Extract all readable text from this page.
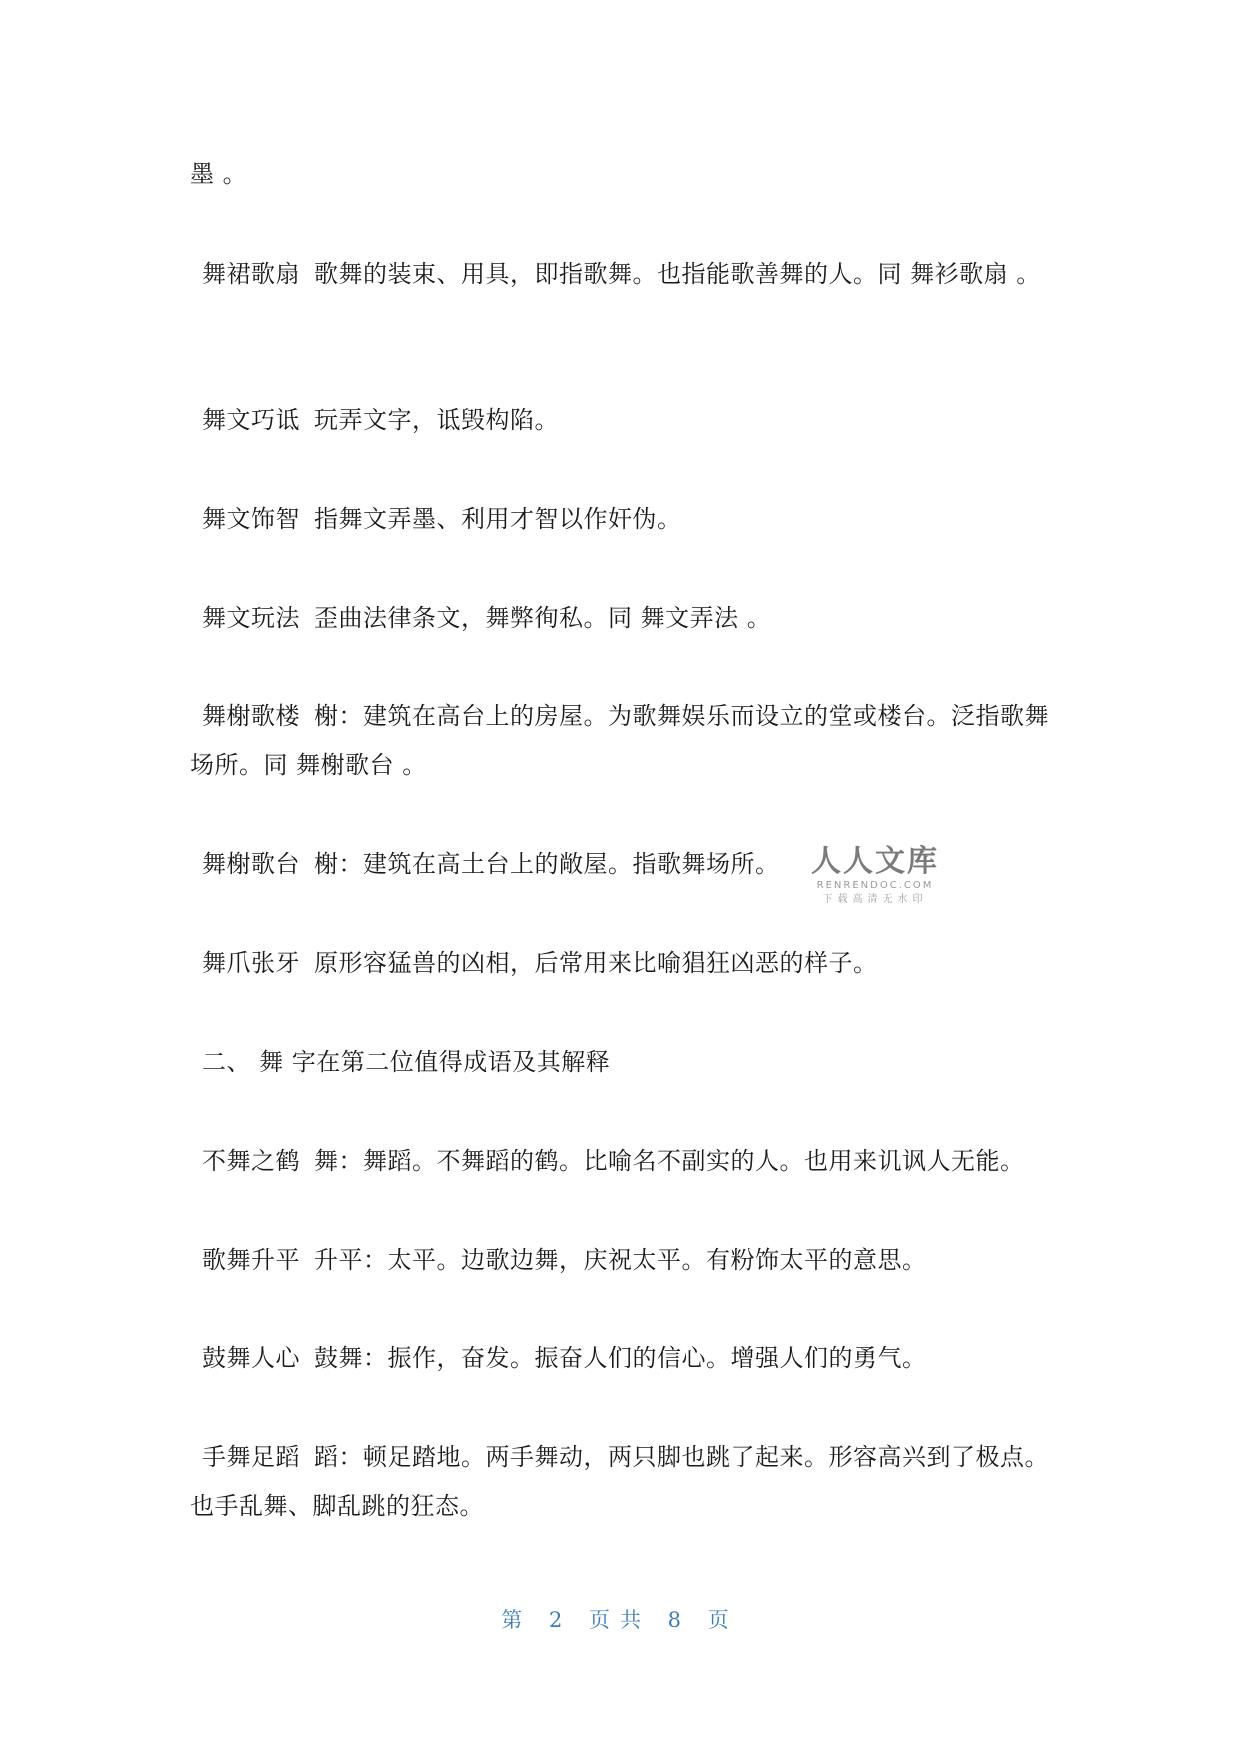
墨 。
舞裙歌扇 歌舞的装束、用具，即指歌舞。也指能歌善舞的人。同 舞衫歌扇 。
舞文巧诋 玩弄文字，诋毁构陷。
舞文饰智 指舞文弄墨、利用才智以作奸伪。
舞文玩法 歪曲法律条文，舞弊徇私。同 舞文弄法 。
舞榭歌楼 榭：建筑在高台上的房屋。为歌舞娱乐而设立的堂或楼台。泛指歌舞场所。同 舞榭歌台 。
舞榭歌台 榭：建筑在高土台上的敞屋。指歌舞场所。
舞爪张牙 原形容猛兽的凶相，后常用来比喻猖狂凶恶的样子。
二、 舞 字在第二位值得成语及其解释
不舞之鹤 舞：舞蹈。不舞蹈的鹤。比喻名不副实的人。也用来讥讽人无能。
歌舞升平 升平：太平。边歌边舞，庆祝太平。有粉饰太平的意思。
鼓舞人心 鼓舞：振作，奋发。振奋人们的信心。增强人们的勇气。
手舞足蹈 蹈：顿足踏地。两手舞动，两只脚也跳了起来。形容高兴到了极点。也手乱舞、脚乱跳的狂态。
人人文库
RENRENDOC.COM
下载高清无水印
第 2 页共 8 页
